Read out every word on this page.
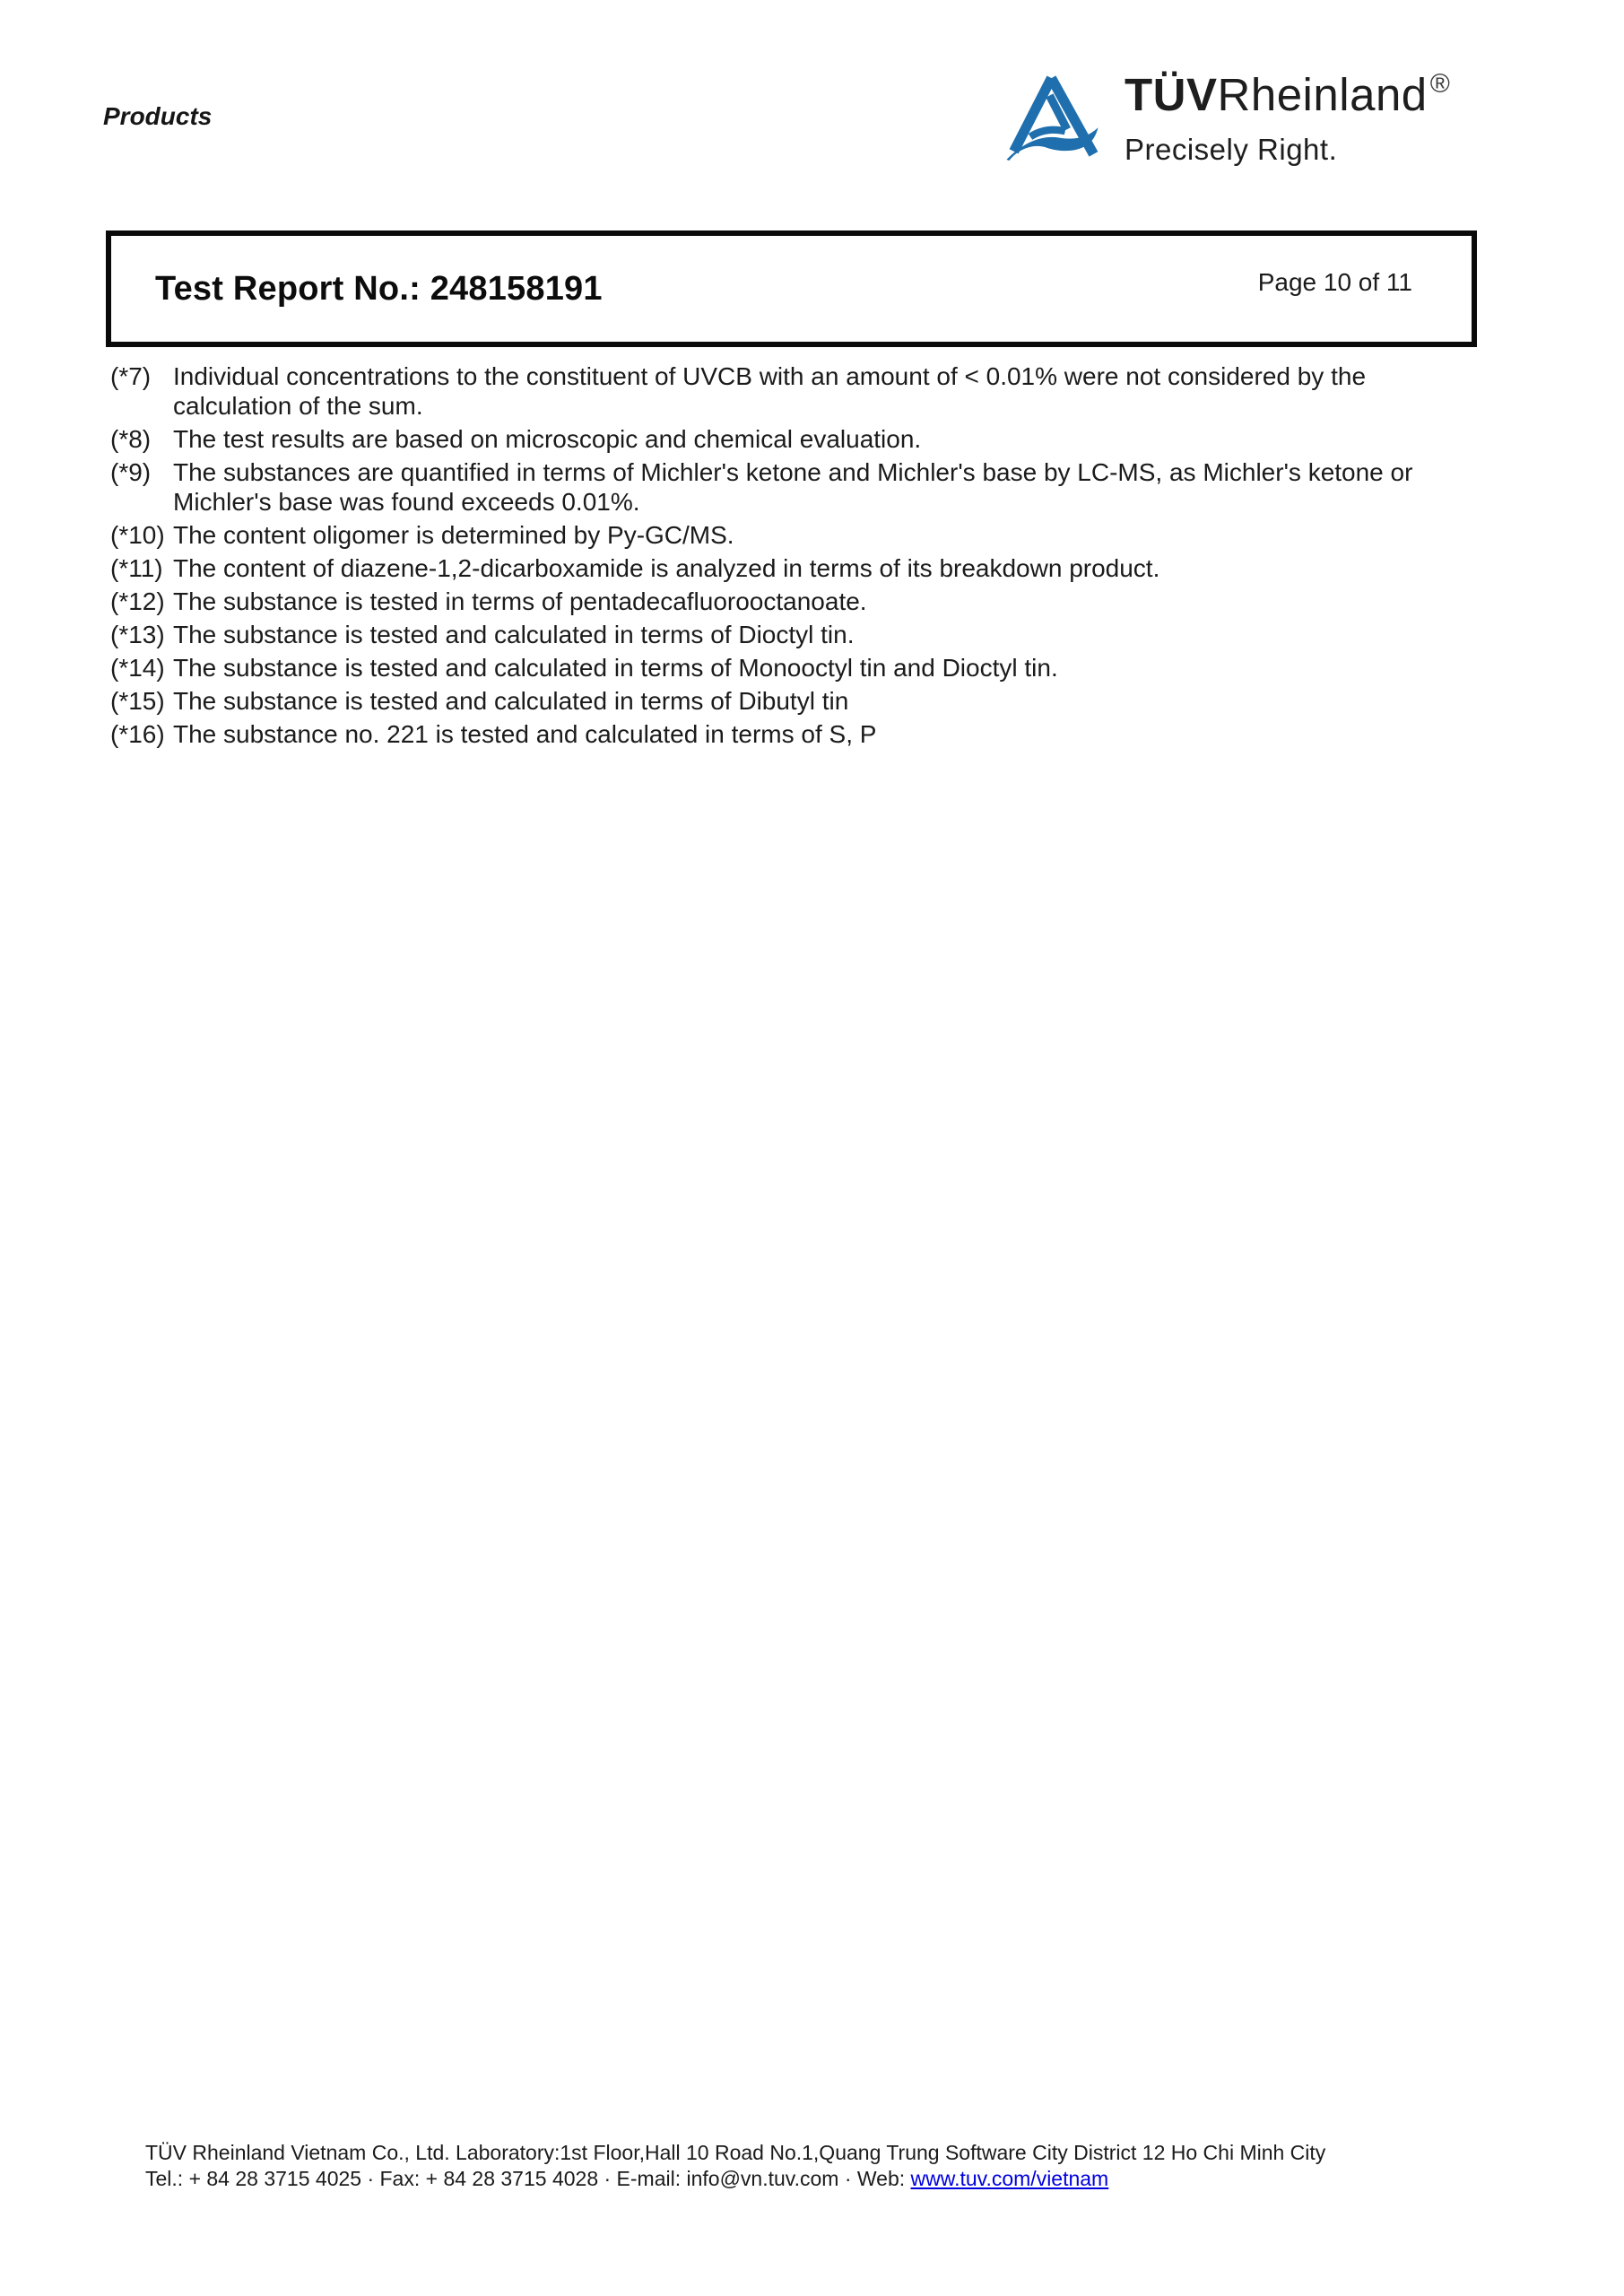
Products	TÜVRheinland ®
Precisely Right.
Test Report No.: 248158191	Page 10 of 11
(*7) Individual concentrations to the constituent of UVCB with an amount of < 0.01% were not considered by the calculation of the sum.
(*8) The test results are based on microscopic and chemical evaluation.
(*9) The substances are quantified in terms of Michler's ketone and Michler's base by LC-MS, as Michler's ketone or Michler's base was found exceeds 0.01%.
(*10) The content oligomer is determined by Py-GC/MS.
(*11) The content of diazene-1,2-dicarboxamide is analyzed in terms of its breakdown product.
(*12) The substance is tested in terms of pentadecafluorooctanoate.
(*13) The substance is tested and calculated in terms of Dioctyl tin.
(*14) The substance is tested and calculated in terms of Monooctyl tin and Dioctyl tin.
(*15) The substance is tested and calculated in terms of Dibutyl tin
(*16) The substance no. 221 is tested and calculated in terms of S, P
TÜV Rheinland Vietnam Co., Ltd. Laboratory:1st Floor,Hall 10 Road No.1,Quang Trung Software City District 12 Ho Chi Minh City
Tel.: + 84 28 3715 4025 · Fax: + 84 28 3715 4028 · E-mail: info@vn.tuv.com · Web: www.tuv.com/vietnam
